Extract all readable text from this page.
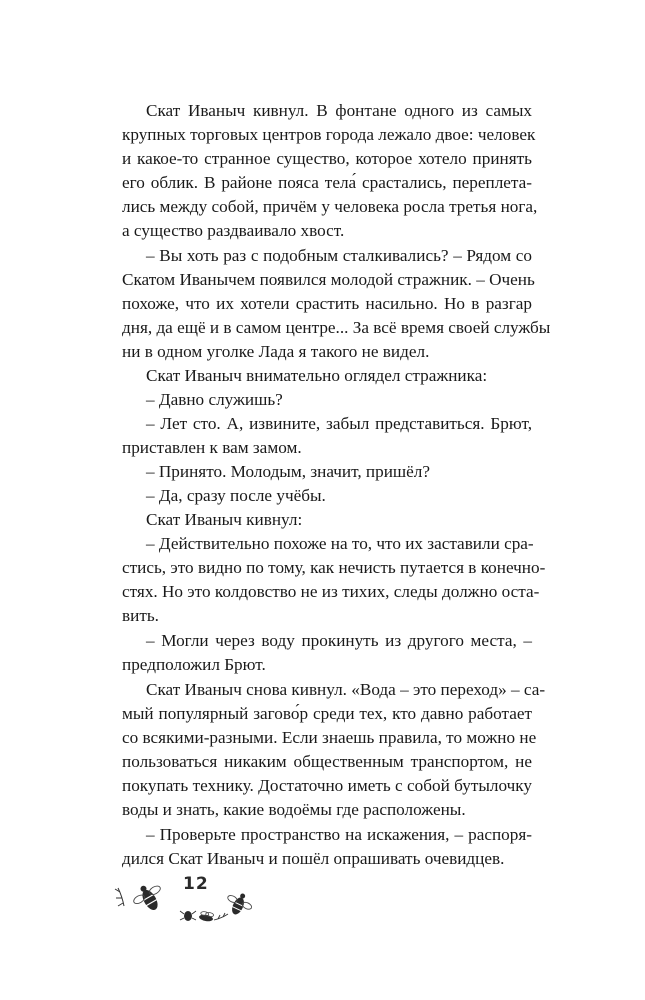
Скат Иваныч кивнул. В фонтане одного из самых
крупных торговых центров города лежало двое: человек
и какое-то странное существо, которое хотело принять
его облик. В районе пояса тела́ срастались, переплета-
лись между собой, причём у человека росла третья нога,
а существо раздваивало хвост.
– Вы хоть раз с подобным сталкивались? – Рядом со
Скатом Иванычем появился молодой стражник. – Очень
похоже, что их хотели срастить насильно. Но в разгар
дня, да ещё и в самом центре... За всё время своей службы
ни в одном уголке Лада я такого не видел.
Скат Иваныч внимательно оглядел стражника:
– Давно служишь?
– Лет сто. А, извините, забыл представиться. Брют,
приставлен к вам замом.
– Принято. Молодым, значит, пришёл?
– Да, сразу после учёбы.
Скат Иваныч кивнул:
– Действительно похоже на то, что их заставили сра-
стись, это видно по тому, как нечисть путается в конечно-
стях. Но это колдовство не из тихих, следы должно оста-
вить.
– Могли через воду прокинуть из другого места, –
предположил Брют.
Скат Иваныч снова кивнул. «Вода – это переход» – са-
мый популярный загово́р среди тех, кто давно работает
со всякими-разными. Если знаешь правила, то можно не
пользоваться никаким общественным транспортом, не
покупать технику. Достаточно иметь с собой бутылочку
воды и знать, какие водоёмы где расположены.
– Проверьте пространство на искажения, – распоря-
дился Скат Иваныч и пошёл опрашивать очевидцев.
12
